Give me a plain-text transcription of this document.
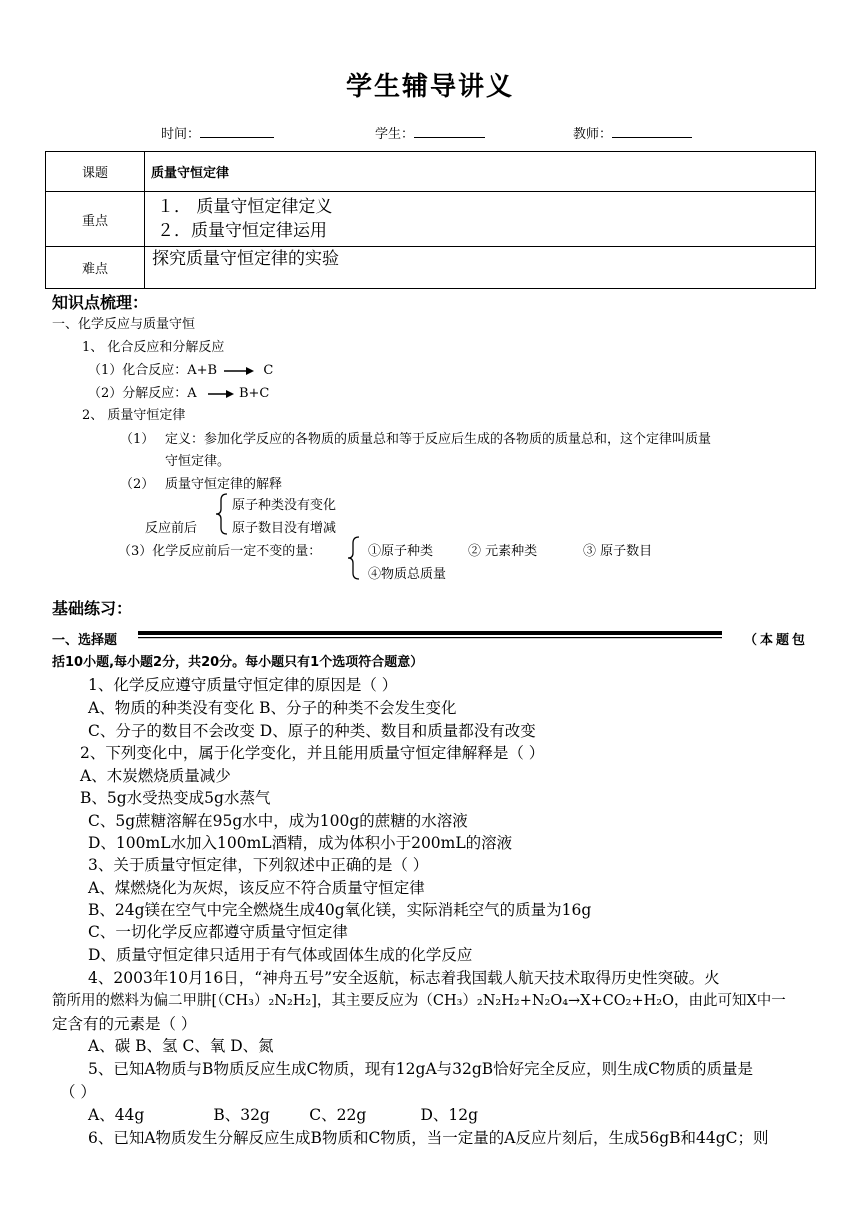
学生辅导讲义
时间：	学生：	教师：
课题	质量守恒定律
重点	１． 质量守恒定律定义
２．质量守恒定律运用

难点	探究质量守恒定律的实验
知识点梳理：
一、化学反应与质量守恒
1、 化合反应和分解反应
（1）化合反应：A+B	C
（2）分解反应：A	B+C
2、 质量守恒定律
（1） 定义：参加化学反应的各物质的质量总和等于反应后生成的各物质的质量总和，这个定律叫质量
守恒定律。
（2） 质量守恒定律的解释
反应前后
原子种类没有变化
原子数目没有增减
（3）化学反应前后一定不变的量：	①原子种类	② 元素种类	③ 原子数目
④物质总质量
基础练习：
一、选择题	（本题包
括10小题,每小题2分，共20分。每小题只有1个选项符合题意）
1、化学反应遵守质量守恒定律的原因是（ ）
A、物质的种类没有变化 B、分子的种类不会发生变化
C、分子的数目不会改变 D、原子的种类、数目和质量都没有改变
2、下列变化中，属于化学变化，并且能用质量守恒定律解释是（ ）
A、木炭燃烧质量减少
B、5g水受热变成5g水蒸气
C、5g蔗糖溶解在95g水中，成为100g的蔗糖的水溶液
D、100mL水加入100mL酒精，成为体积小于200mL的溶液
3、关于质量守恒定律，下列叙述中正确的是（ ）
A、煤燃烧化为灰烬，该反应不符合质量守恒定律
B、24g镁在空气中完全燃烧生成40g氧化镁，实际消耗空气的质量为16g
C、一切化学反应都遵守质量守恒定律
D、质量守恒定律只适用于有气体或固体生成的化学反应
4、2003年10月16日，“神舟五号”安全返航，标志着我国载人航天技术取得历史性突破。火
箭所用的燃料为偏二甲肼[（CH₃）₂N₂H₂]，其主要反应为（CH₃）₂N₂H₂+N₂O₄→X+CO₂+H₂O，由此可知X中一
定含有的元素是（ ）
A、碳 B、氢 C、氧 D、氮
5、已知A物质与B物质反应生成C物质，现有12gA与32gB恰好完全反应，则生成C物质的质量是
（ ）
A、44g              B、32g        C、22g           D、12g
6、已知A物质发生分解反应生成B物质和C物质，当一定量的A反应片刻后，生成56gB和44gC；则
